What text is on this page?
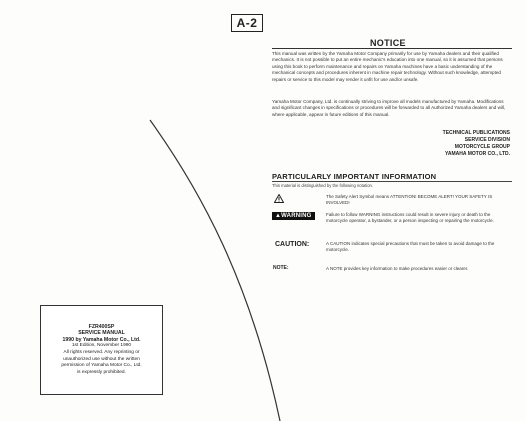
A-2
NOTICE
This manual was written by the Yamaha Motor Company primarily for use by Yamaha dealers and their qualified mechanics. It is not possible to put an entire mechanic's education into one manual, so it is assumed that persons using this book to perform maintenance and repairs on Yamaha machines have a basic understanding of the mechanical concepts and procedures inherent in machine repair technology. Without such knowledge, attempted repairs or service to this model may render it unfit for use and/or unsafe.
Yamaha Motor Company, Ltd. is continually striving to improve all models manufactured by Yamaha. Modifications and significant changes in specifications or procedures will be forwarded to all Authorized Yamaha dealers and will, where applicable, appear in future editions of this manual.
TECHNICAL PUBLICATIONS
SERVICE DIVISION
MOTORCYCLE GROUP
YAMAHA MOTOR CO., LTD.
PARTICULARLY IMPORTANT INFORMATION
This material is distinguished by the following notation.
The Safety Alert Symbol means ATTENTION! BECOME ALERT! YOUR SAFETY IS INVOLVED!
▲WARNING	Failure to follow WARNING instructions could result in severe injury or death to the motorcycle operator, a bystander, or a person inspecting or repairing the motorcycle.
CAUTION:	A CAUTION indicates special precautions that must be taken to avoid damage to the motorcycle.
NOTE:	A NOTE provides key information to make procedures easier or clearer.
FZR400SP
SERVICE MANUAL
1990 by Yamaha Motor Co., Ltd.
1st Edition, November 1990
All rights reserved. Any reprinting or
unauthorized use without the written
permission of Yamaha Motor Co., Ltd.
is expressly prohibited.
